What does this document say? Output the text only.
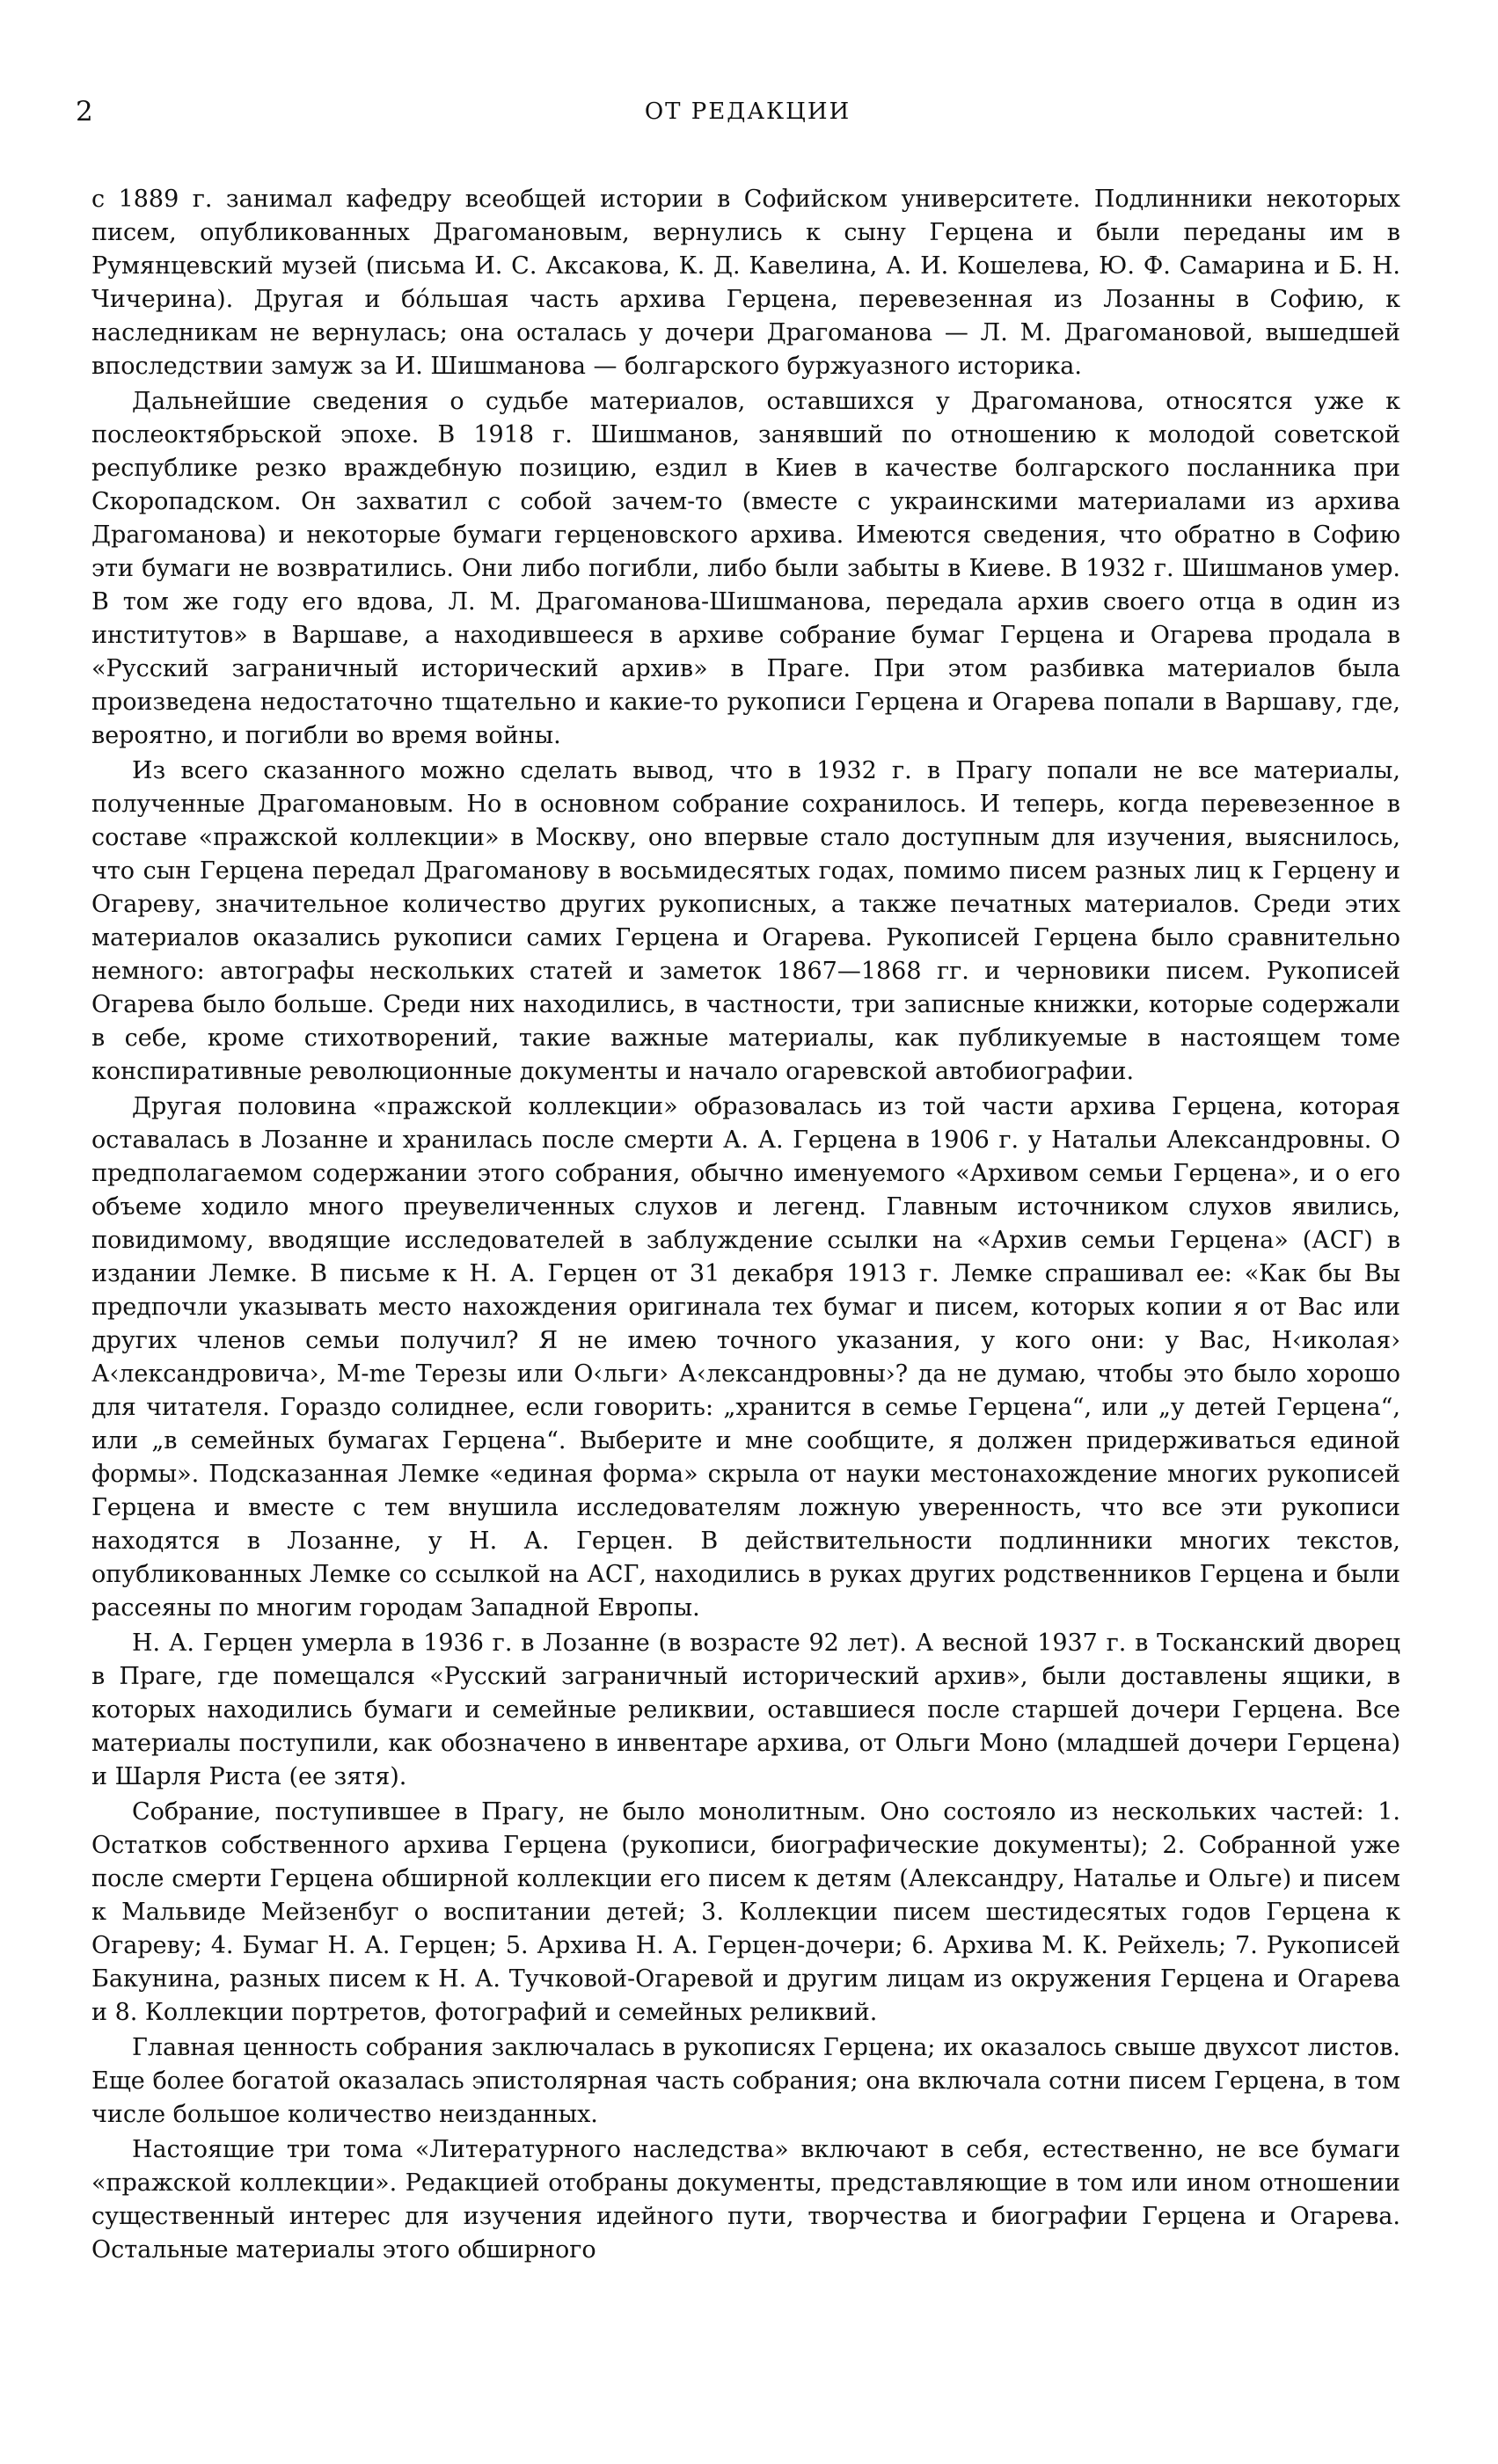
2	ОТ РЕДАКЦИИ

с 1889 г. занимал кафедру всеобщей истории в Софийском университете. Подлинники некоторых писем, опубликованных Драгомановым, вернулись к сыну Герцена и были переданы им в Румянцевский музей (письма И. С. Аксакова, К. Д. Кавелина, А. И. Кошелева, Ю. Ф. Самарина и Б. Н. Чичерина). Другая и бóльшая часть архива Герцена, перевезенная из Лозанны в Софию, к наследникам не вернулась; она осталась у дочери Драгоманова — Л. М. Драгомановой, вышедшей впоследствии замуж за И. Шишманова — болгарского буржуазного историка.

Дальнейшие сведения о судьбе материалов, оставшихся у Драгоманова, относятся уже к послеоктябрьской эпохе. В 1918 г. Шишманов, занявший по отношению к молодой советской республике резко враждебную позицию, ездил в Киев в качестве болгарского посланника при Скоропадском. Он захватил с собой зачем-то (вместе с украинскими материалами из архива Драгоманова) и некоторые бумаги герценовского архива. Имеются сведения, что обратно в Софию эти бумаги не возвратились. Они либо погибли, либо были забыты в Киеве. В 1932 г. Шишманов умер. В том же году его вдова, Л. М. Драгоманова-Шишманова, передала архив своего отца в один из институтов» в Варшаве, а находившееся в архиве собрание бумаг Герцена и Огарева продала в «Русский заграничный исторический архив» в Праге. При этом разбивка материалов была произведена недостаточно тщательно и какие-то рукописи Герцена и Огарева попали в Варшаву, где, вероятно, и погибли во время войны.

Из всего сказанного можно сделать вывод, что в 1932 г. в Прагу попали не все материалы, полученные Драгомановым. Но в основном собрание сохранилось. И теперь, когда перевезенное в составе «пражской коллекции» в Москву, оно впервые стало доступным для изучения, выяснилось, что сын Герцена передал Драгоманову в восьмидесятых годах, помимо писем разных лиц к Герцену и Огареву, значительное количество других рукописных, а также печатных материалов. Среди этих материалов оказались рукописи самих Герцена и Огарева. Рукописей Герцена было сравнительно немного: автографы нескольких статей и заметок 1867—1868 гг. и черновики писем. Рукописей Огарева было больше. Среди них находились, в частности, три записные книжки, которые содержали в себе, кроме стихотворений, такие важные материалы, как публикуемые в настоящем томе конспиративные революционные документы и начало огаревской автобиографии.

Другая половина «пражской коллекции» образовалась из той части архива Герцена, которая оставалась в Лозанне и хранилась после смерти А. А. Герцена в 1906 г. у Натальи Александровны. О предполагаемом содержании этого собрания, обычно именуемого «Архивом семьи Герцена», и о его объеме ходило много преувеличенных слухов и легенд. Главным источником слухов явились, повидимому, вводящие исследователей в заблуждение ссылки на «Архив семьи Герцена» (АСГ) в издании Лемке. В письме к Н. А. Герцен от 31 декабря 1913 г. Лемке спрашивал ее: «Как бы Вы предпочли указывать место нахождения оригинала тех бумаг и писем, которых копии я от Вас или других членов семьи получил? Я не имею точного указания, у кого они: у Вас, Н‹иколая› А‹лександровича›, M-me Терезы или О‹льги› А‹лександровны›? да не думаю, чтобы это было хорошо для читателя. Гораздо солиднее, если говорить: „хранится в семье Герцена“, или „у детей Герцена“, или „в семейных бумагах Герцена“. Выберите и мне сообщите, я должен придерживаться единой формы». Подсказанная Лемке «единая форма» скрыла от науки местонахождение многих рукописей Герцена и вместе с тем внушила исследователям ложную уверенность, что все эти рукописи находятся в Лозанне, у Н. А. Герцен. В действительности подлинники многих текстов, опубликованных Лемке со ссылкой на АСГ, находились в руках других родственников Герцена и были рассеяны по многим городам Западной Европы.

Н. А. Герцен умерла в 1936 г. в Лозанне (в возрасте 92 лет). А весной 1937 г. в Тосканский дворец в Праге, где помещался «Русский заграничный исторический архив», были доставлены ящики, в которых находились бумаги и семейные реликвии, оставшиеся после старшей дочери Герцена. Все материалы поступили, как обозначено в инвентаре архива, от Ольги Моно (младшей дочери Герцена) и Шарля Риста (ее зятя).

Собрание, поступившее в Прагу, не было монолитным. Оно состояло из нескольких частей: 1. Остатков собственного архива Герцена (рукописи, биографические документы); 2. Собранной уже после смерти Герцена обширной коллекции его писем к детям (Александру, Наталье и Ольге) и писем к Мальвиде Мейзенбуг о воспитании детей; 3. Коллекции писем шестидесятых годов Герцена к Огареву; 4. Бумаг Н. А. Герцен; 5. Архива Н. А. Герцен-дочери; 6. Архива М. К. Рейхель; 7. Рукописей Бакунина, разных писем к Н. А. Тучковой-Огаревой и другим лицам из окружения Герцена и Огарева и 8. Коллекции портретов, фотографий и семейных реликвий.

Главная ценность собрания заключалась в рукописях Герцена; их оказалось свыше двухсот листов. Еще более богатой оказалась эпистолярная часть собрания; она включала сотни писем Герцена, в том числе большое количество неизданных.

Настоящие три тома «Литературного наследства» включают в себя, естественно, не все бумаги «пражской коллекции». Редакцией отобраны документы, представляющие в том или ином отношении существенный интерес для изучения идейного пути, творчества и биографии Герцена и Огарева. Остальные материалы этого обширного
